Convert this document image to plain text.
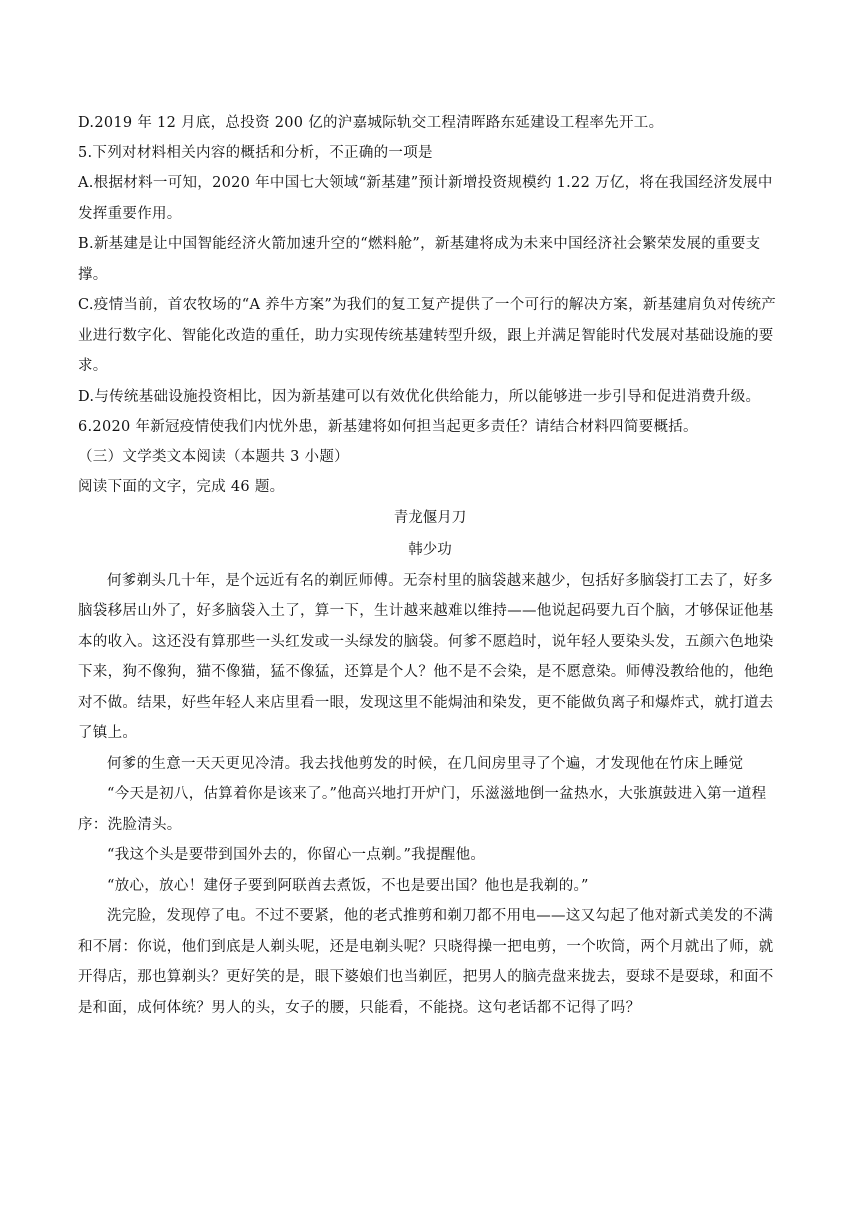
D.2019 年 12 月底，总投资 200 亿的沪嘉城际轨交工程清晖路东延建设工程率先开工。

5.下列对材料相关内容的概括和分析，不正确的一项是

A.根据材料一可知，2020 年中国七大领域“新基建”预计新增投资规模约 1.22 万亿，将在我国经济发展中发挥重要作用。

B.新基建是让中国智能经济火箭加速升空的“燃料舱”，新基建将成为未来中国经济社会繁荣发展的重要支撑。

C.疫情当前，首农牧场的“A 养牛方案”为我们的复工复产提供了一个可行的解决方案，新基建肩负对传统产业进行数字化、智能化改造的重任，助力实现传统基建转型升级，跟上并满足智能时代发展对基础设施的要求。

D.与传统基础设施投资相比，因为新基建可以有效优化供给能力，所以能够进一步引导和促进消费升级。

6.2020 年新冠疫情使我们内忧外患，新基建将如何担当起更多责任？请结合材料四简要概括。

（三）文学类文本阅读（本题共 3 小题）

阅读下面的文字，完成 46 题。

青龙偃月刀

韩少功

何爹剃头几十年，是个远近有名的剃匠师傅。无奈村里的脑袋越来越少，包括好多脑袋打工去了，好多脑袋移居山外了，好多脑袋入土了，算一下，生计越来越难以维持——他说起码要九百个脑，才够保证他基本的收入。这还没有算那些一头红发或一头绿发的脑袋。何爹不愿趋时，说年轻人要染头发，五颜六色地染下来，狗不像狗，猫不像猫，猛不像猛，还算是个人？他不是不会染，是不愿意染。师傅没教给他的，他绝对不做。结果，好些年轻人来店里看一眼，发现这里不能焗油和染发，更不能做负离子和爆炸式，就打道去了镇上。

何爹的生意一天天更见冷清。我去找他剪发的时候，在几间房里寻了个遍，才发现他在竹床上睡觉

“今天是初八，估算着你是该来了。”他高兴地打开炉门，乐滋滋地倒一盆热水，大张旗鼓进入第一道程序：洗脸清头。

“我这个头是要带到国外去的，你留心一点剃。”我提醒他。

“放心，放心！建伢子要到阿联酋去煮饭，不也是要出国？他也是我剃的。”

洗完脸，发现停了电。不过不要紧，他的老式推剪和剃刀都不用电——这又勾起了他对新式美发的不满和不屑：你说，他们到底是人剃头呢，还是电剃头呢？只晓得操一把电剪，一个吹筒，两个月就出了师，就开得店，那也算剃头？更好笑的是，眼下婆娘们也当剃匠，把男人的脑壳盘来拢去，耍球不是耍球，和面不是和面，成何体统？男人的头，女子的腰，只能看，不能挠。这句老话都不记得了吗？
